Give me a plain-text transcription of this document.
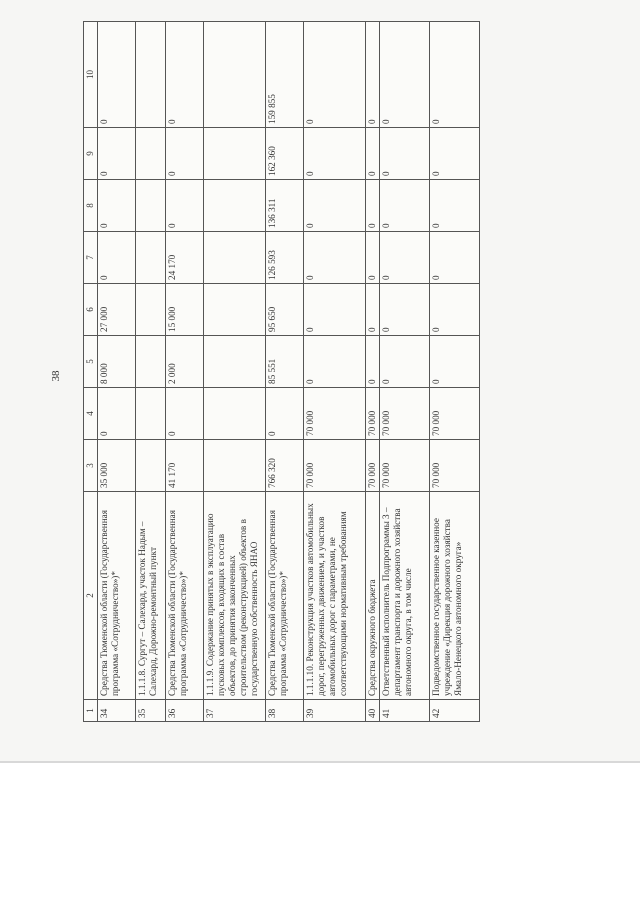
38
1	2	3	4	5	6	7	8	9	10
34	Средства Тюменской области (Государственная программа «Сотрудничество»)*	35 000	0	8 000	27 000	0	0	0	0
35	1.1.1.8. Сургут – Салехард, участок Надым – Салехард, Дорожно-ремонтный пункт								
36	Средства Тюменской области (Государственная программа «Сотрудничество»)*	41 170	0	2 000	15 000	24 170	0	0	0
37	1.1.1.9. Содержание принятых в эксплуатацию пусковых комплексов, входящих в состав объектов, до принятия законченных строительством (реконструкцией) объектов в государственную собственность ЯНАО								
38	Средства Тюменской области (Государственная программа «Сотрудничество»)*	766 320	0	85 551	95 650	126 593	136 311	162 360	159 855
39	1.1.1.10. Реконструкция участков автомобильных дорог, перегруженных движением, и участков автомобильных дорог с параметрами, не соответствующими нормативным требованиям	70 000	70 000	0	0	0	0	0	0
40	Средства окружного бюджета	70 000	70 000	0	0	0	0	0	0
41	Ответственный исполнитель Подпрограммы 3 – департамент транспорта и дорожного хозяйства автономного округа, в том числе	70 000	70 000	0	0	0	0	0	0
42	Подведомственное государственное казенное учреждение «Дирекция дорожного хозяйства Ямало-Ненецкого автономного округа»	70 000	70 000	0	0	0	0	0	0
